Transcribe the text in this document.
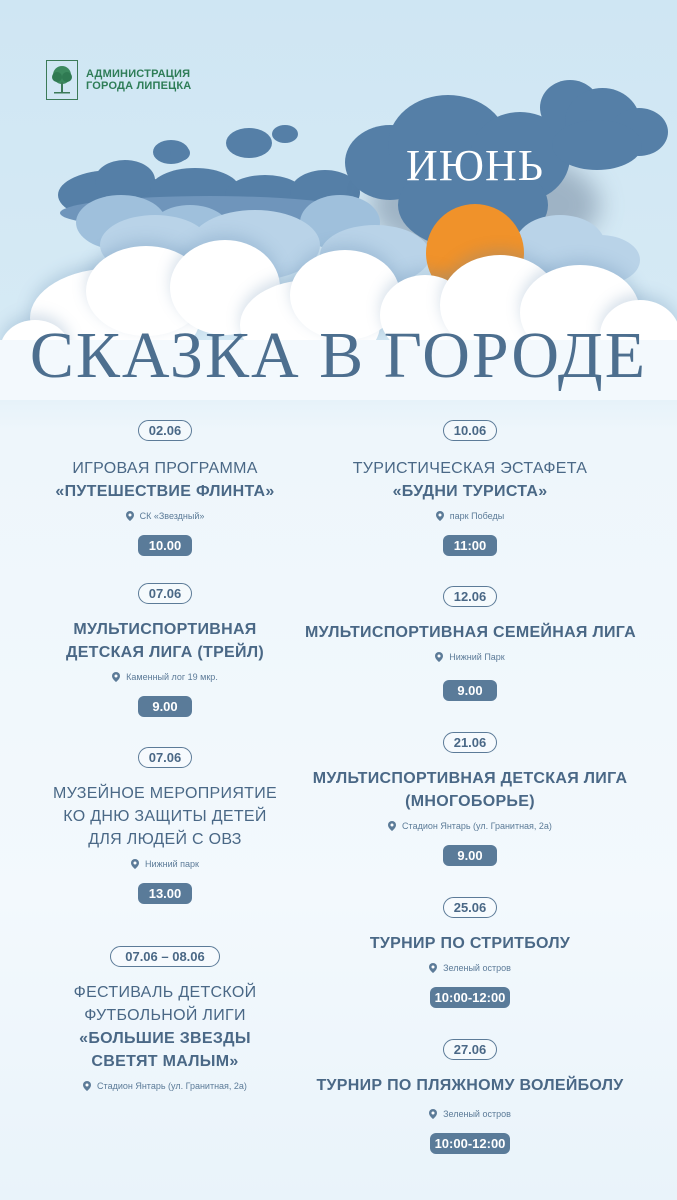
АДМИНИСТРАЦИЯ
ГОРОДА ЛИПЕЦКА
ИЮНЬ
СКАЗКА В ГОРОДЕ
02.06
ИГРОВАЯ ПРОГРАММА
«ПУТЕШЕСТВИЕ ФЛИНТА»
СК «Звездный»
10.00
07.06
МУЛЬТИСПОРТИВНАЯ
ДЕТСКАЯ ЛИГА (ТРЕЙЛ)
Каменный лог 19 мкр.
9.00
07.06
МУЗЕЙНОЕ МЕРОПРИЯТИЕ
КО ДНЮ ЗАЩИТЫ ДЕТЕЙ
ДЛЯ ЛЮДЕЙ С ОВЗ
Нижний парк
13.00
07.06 – 08.06
ФЕСТИВАЛЬ ДЕТСКОЙ
ФУТБОЛЬНОЙ ЛИГИ
«БОЛЬШИЕ ЗВЕЗДЫ
СВЕТЯТ МАЛЫМ»
Стадион Янтарь (ул. Гранитная, 2а)
10.06
ТУРИСТИЧЕСКАЯ ЭСТАФЕТА
«БУДНИ ТУРИСТА»
парк Победы
11:00
12.06
МУЛЬТИСПОРТИВНАЯ СЕМЕЙНАЯ ЛИГА
Нижний Парк
9.00
21.06
МУЛЬТИСПОРТИВНАЯ ДЕТСКАЯ ЛИГА
(МНОГОБОРЬЕ)
Стадион Янтарь (ул. Гранитная, 2а)
9.00
25.06
ТУРНИР ПО СТРИТБОЛУ
Зеленый остров
10:00-12:00
27.06
ТУРНИР ПО ПЛЯЖНОМУ ВОЛЕЙБОЛУ
Зеленый остров
10:00-12:00
